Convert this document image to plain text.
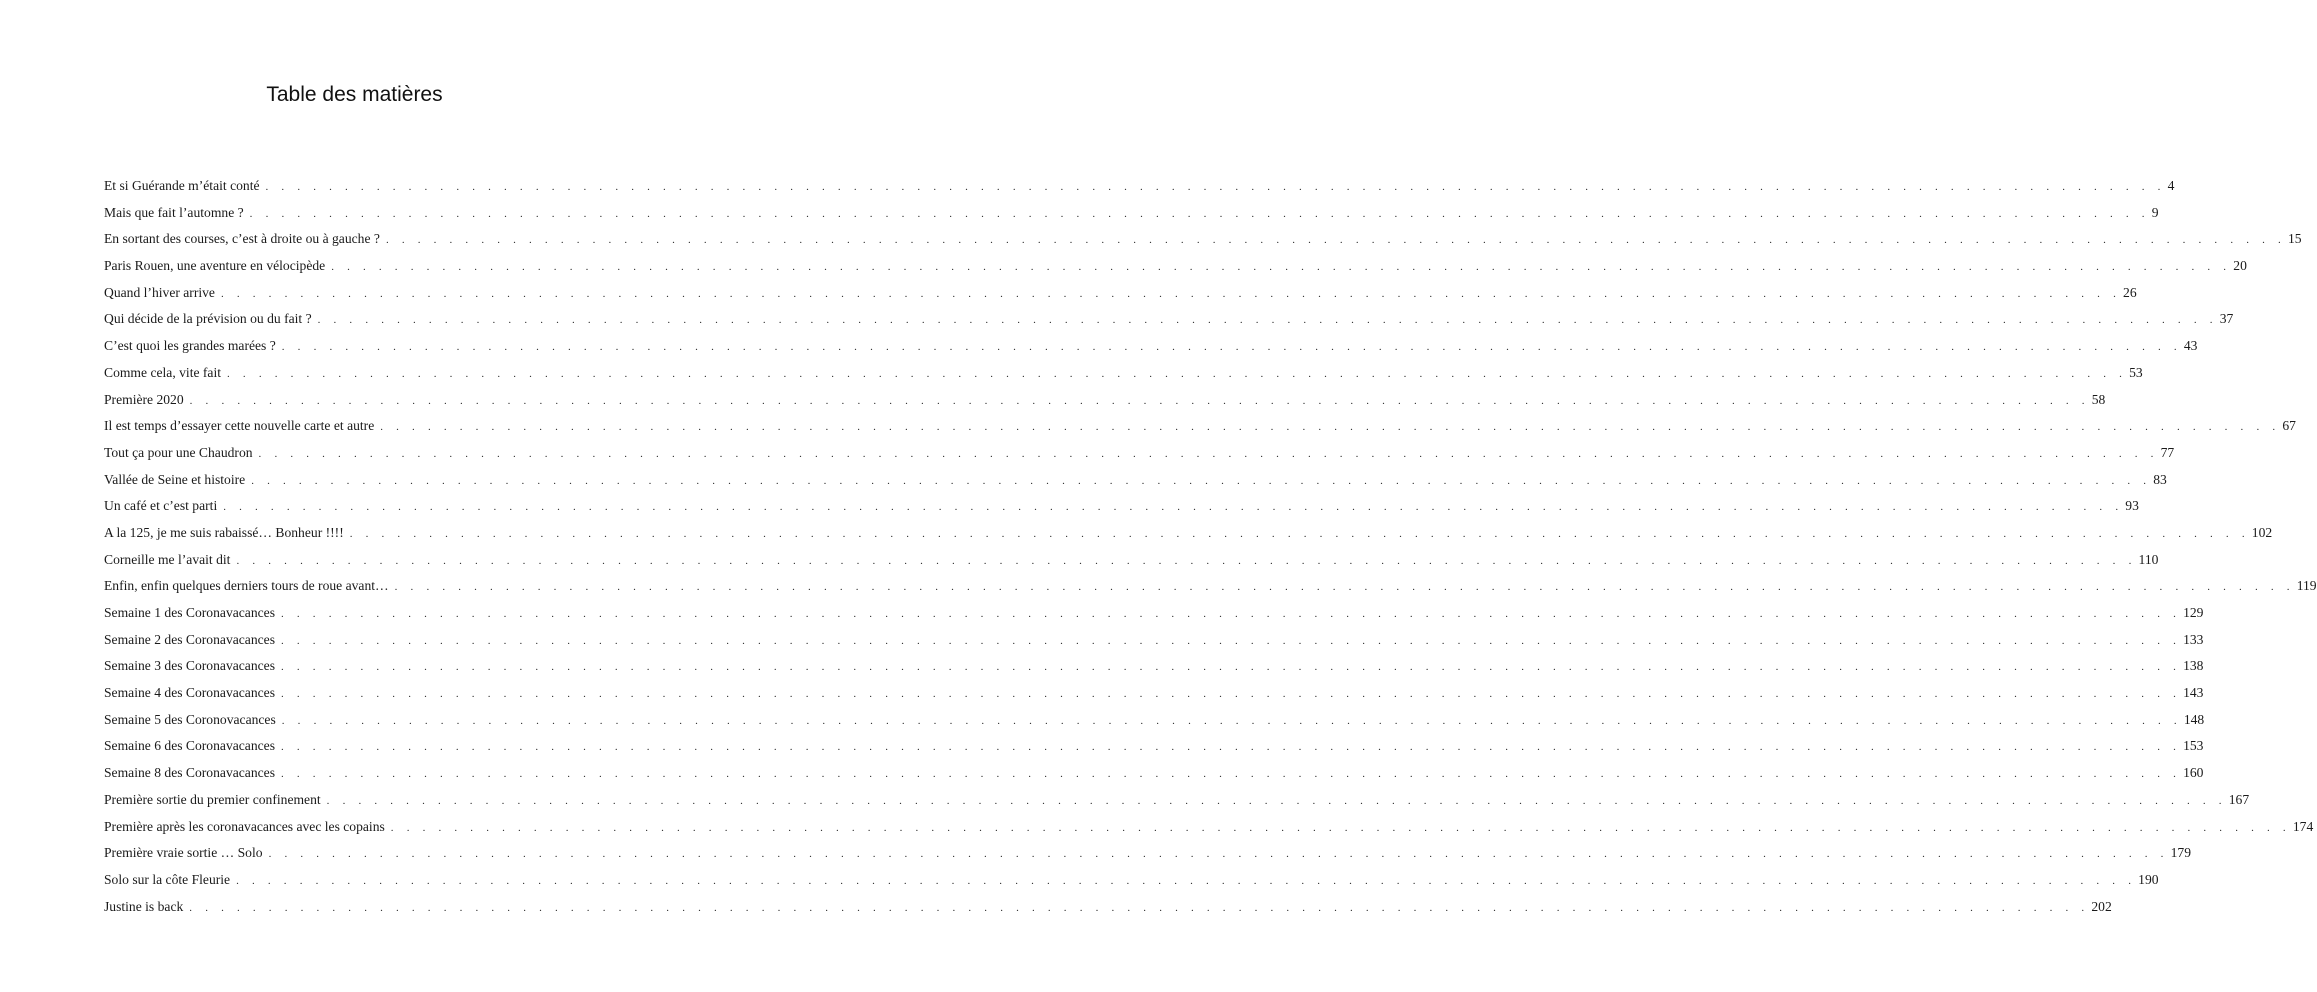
Table des matières
Et si Guérande m’était conté . . . . . . . . . . . . . . . . . . . . . . . . . . . . . . . . . . . . . . . . . . . . . . . . . . . . . . . . . . . . . . . . . . . . . . . . . . . . . . . . . . . . . . . . . . . . . . . . . . . . . . . . . . . . . . . . . . . . . . . . 4
Mais que fait l’automne ? . . . . . . . . . . . . . . . . . . . . . . . . . . . . . . . . . . . . . . . . . . . . . . . . . . . . . . . . . . . . . . . . . . . . . . . . . . . . . . . . . . . . . . . . . . . . . . . . . . . . . . . . . . . . . . . . . . . . . . . . 9
En sortant des courses, c’est à droite ou à gauche ? . . . . . . . . . . . . . . . . . . . . . . . . . . . . . . . . . . . . . . . . . . . . . . . . . . . . . . . . . . . . . . . . . . . . . . . . . . . . . . . . . . . . . . . . . . . . . . . . . . . . . . . . . . . . . . . . . . . . . . . . 15
Paris Rouen, une aventure en vélocipède . . . . . . . . . . . . . . . . . . . . . . . . . . . . . . . . . . . . . . . . . . . . . . . . . . . . . . . . . . . . . . . . . . . . . . . . . . . . . . . . . . . . . . . . . . . . . . . . . . . . . . . . . . . . . . . . . . . . . . . . 20
Quand l’hiver arrive . . . . . . . . . . . . . . . . . . . . . . . . . . . . . . . . . . . . . . . . . . . . . . . . . . . . . . . . . . . . . . . . . . . . . . . . . . . . . . . . . . . . . . . . . . . . . . . . . . . . . . . . . . . . . . . . . . . . . . . . 26
Qui décide de la prévision ou du fait ? . . . . . . . . . . . . . . . . . . . . . . . . . . . . . . . . . . . . . . . . . . . . . . . . . . . . . . . . . . . . . . . . . . . . . . . . . . . . . . . . . . . . . . . . . . . . . . . . . . . . . . . . . . . . . . . . . . . . . . . . 37
C’est quoi les grandes marées ? . . . . . . . . . . . . . . . . . . . . . . . . . . . . . . . . . . . . . . . . . . . . . . . . . . . . . . . . . . . . . . . . . . . . . . . . . . . . . . . . . . . . . . . . . . . . . . . . . . . . . . . . . . . . . . . . . . . . . . . . 43
Comme cela, vite fait . . . . . . . . . . . . . . . . . . . . . . . . . . . . . . . . . . . . . . . . . . . . . . . . . . . . . . . . . . . . . . . . . . . . . . . . . . . . . . . . . . . . . . . . . . . . . . . . . . . . . . . . . . . . . . . . . . . . . . . . 53
Première 2020 . . . . . . . . . . . . . . . . . . . . . . . . . . . . . . . . . . . . . . . . . . . . . . . . . . . . . . . . . . . . . . . . . . . . . . . . . . . . . . . . . . . . . . . . . . . . . . . . . . . . . . . . . . . . . . . . . . . . . . . . 58
Il est temps d’essayer cette nouvelle carte et autre . . . . . . . . . . . . . . . . . . . . . . . . . . . . . . . . . . . . . . . . . . . . . . . . . . . . . . . . . . . . . . . . . . . . . . . . . . . . . . . . . . . . . . . . . . . . . . . . . . . . . . . . . . . . . . . . . . . . . . . . 67
Tout ça pour une Chaudron . . . . . . . . . . . . . . . . . . . . . . . . . . . . . . . . . . . . . . . . . . . . . . . . . . . . . . . . . . . . . . . . . . . . . . . . . . . . . . . . . . . . . . . . . . . . . . . . . . . . . . . . . . . . . . . . . . . . . . . . 77
Vallée de Seine et histoire . . . . . . . . . . . . . . . . . . . . . . . . . . . . . . . . . . . . . . . . . . . . . . . . . . . . . . . . . . . . . . . . . . . . . . . . . . . . . . . . . . . . . . . . . . . . . . . . . . . . . . . . . . . . . . . . . . . . . . . . 83
Un café et c’est parti . . . . . . . . . . . . . . . . . . . . . . . . . . . . . . . . . . . . . . . . . . . . . . . . . . . . . . . . . . . . . . . . . . . . . . . . . . . . . . . . . . . . . . . . . . . . . . . . . . . . . . . . . . . . . . . . . . . . . . . . 93
A la 125, je me suis rabaissé… Bonheur !!!! . . . . . . . . . . . . . . . . . . . . . . . . . . . . . . . . . . . . . . . . . . . . . . . . . . . . . . . . . . . . . . . . . . . . . . . . . . . . . . . . . . . . . . . . . . . . . . . . . . . . . . . . . . . . . . . . . . . . . . . . 102
Corneille me l’avait dit . . . . . . . . . . . . . . . . . . . . . . . . . . . . . . . . . . . . . . . . . . . . . . . . . . . . . . . . . . . . . . . . . . . . . . . . . . . . . . . . . . . . . . . . . . . . . . . . . . . . . . . . . . . . . . . . . . . . . . . . 110
Enfin, enfin quelques derniers tours de roue avant… . . . . . . . . . . . . . . . . . . . . . . . . . . . . . . . . . . . . . . . . . . . . . . . . . . . . . . . . . . . . . . . . . . . . . . . . . . . . . . . . . . . . . . . . . . . . . . . . . . . . . . . . . . . . . . . . . . . . . . . . 119
Semaine 1 des Coronavacances . . . . . . . . . . . . . . . . . . . . . . . . . . . . . . . . . . . . . . . . . . . . . . . . . . . . . . . . . . . . . . . . . . . . . . . . . . . . . . . . . . . . . . . . . . . . . . . . . . . . . . . . . . . . . . . . . . . . . . . . 129
Semaine 2 des Coronavacances . . . . . . . . . . . . . . . . . . . . . . . . . . . . . . . . . . . . . . . . . . . . . . . . . . . . . . . . . . . . . . . . . . . . . . . . . . . . . . . . . . . . . . . . . . . . . . . . . . . . . . . . . . . . . . . . . . . . . . . . 133
Semaine 3 des Coronavacances . . . . . . . . . . . . . . . . . . . . . . . . . . . . . . . . . . . . . . . . . . . . . . . . . . . . . . . . . . . . . . . . . . . . . . . . . . . . . . . . . . . . . . . . . . . . . . . . . . . . . . . . . . . . . . . . . . . . . . . . 138
Semaine 4 des Coronavacances . . . . . . . . . . . . . . . . . . . . . . . . . . . . . . . . . . . . . . . . . . . . . . . . . . . . . . . . . . . . . . . . . . . . . . . . . . . . . . . . . . . . . . . . . . . . . . . . . . . . . . . . . . . . . . . . . . . . . . . . 143
Semaine 5 des Coronovacances . . . . . . . . . . . . . . . . . . . . . . . . . . . . . . . . . . . . . . . . . . . . . . . . . . . . . . . . . . . . . . . . . . . . . . . . . . . . . . . . . . . . . . . . . . . . . . . . . . . . . . . . . . . . . . . . . . . . . . . . 148
Semaine 6 des Coronavacances . . . . . . . . . . . . . . . . . . . . . . . . . . . . . . . . . . . . . . . . . . . . . . . . . . . . . . . . . . . . . . . . . . . . . . . . . . . . . . . . . . . . . . . . . . . . . . . . . . . . . . . . . . . . . . . . . . . . . . . . 153
Semaine 8 des Coronavacances . . . . . . . . . . . . . . . . . . . . . . . . . . . . . . . . . . . . . . . . . . . . . . . . . . . . . . . . . . . . . . . . . . . . . . . . . . . . . . . . . . . . . . . . . . . . . . . . . . . . . . . . . . . . . . . . . . . . . . . . 160
Première sortie du premier confinement . . . . . . . . . . . . . . . . . . . . . . . . . . . . . . . . . . . . . . . . . . . . . . . . . . . . . . . . . . . . . . . . . . . . . . . . . . . . . . . . . . . . . . . . . . . . . . . . . . . . . . . . . . . . . . . . . . . . . . . . 167
Première après les coronavacances avec les copains . . . . . . . . . . . . . . . . . . . . . . . . . . . . . . . . . . . . . . . . . . . . . . . . . . . . . . . . . . . . . . . . . . . . . . . . . . . . . . . . . . . . . . . . . . . . . . . . . . . . . . . . . . . . . . . . . . . . . . . . 174
Première vraie sortie … Solo . . . . . . . . . . . . . . . . . . . . . . . . . . . . . . . . . . . . . . . . . . . . . . . . . . . . . . . . . . . . . . . . . . . . . . . . . . . . . . . . . . . . . . . . . . . . . . . . . . . . . . . . . . . . . . . . . . . . . . . . 179
Solo sur la côte Fleurie . . . . . . . . . . . . . . . . . . . . . . . . . . . . . . . . . . . . . . . . . . . . . . . . . . . . . . . . . . . . . . . . . . . . . . . . . . . . . . . . . . . . . . . . . . . . . . . . . . . . . . . . . . . . . . . . . . . . . . . . 190
Justine is back . . . . . . . . . . . . . . . . . . . . . . . . . . . . . . . . . . . . . . . . . . . . . . . . . . . . . . . . . . . . . . . . . . . . . . . . . . . . . . . . . . . . . . . . . . . . . . . . . . . . . . . . . . . . . . . . . . . . . . . . 202
